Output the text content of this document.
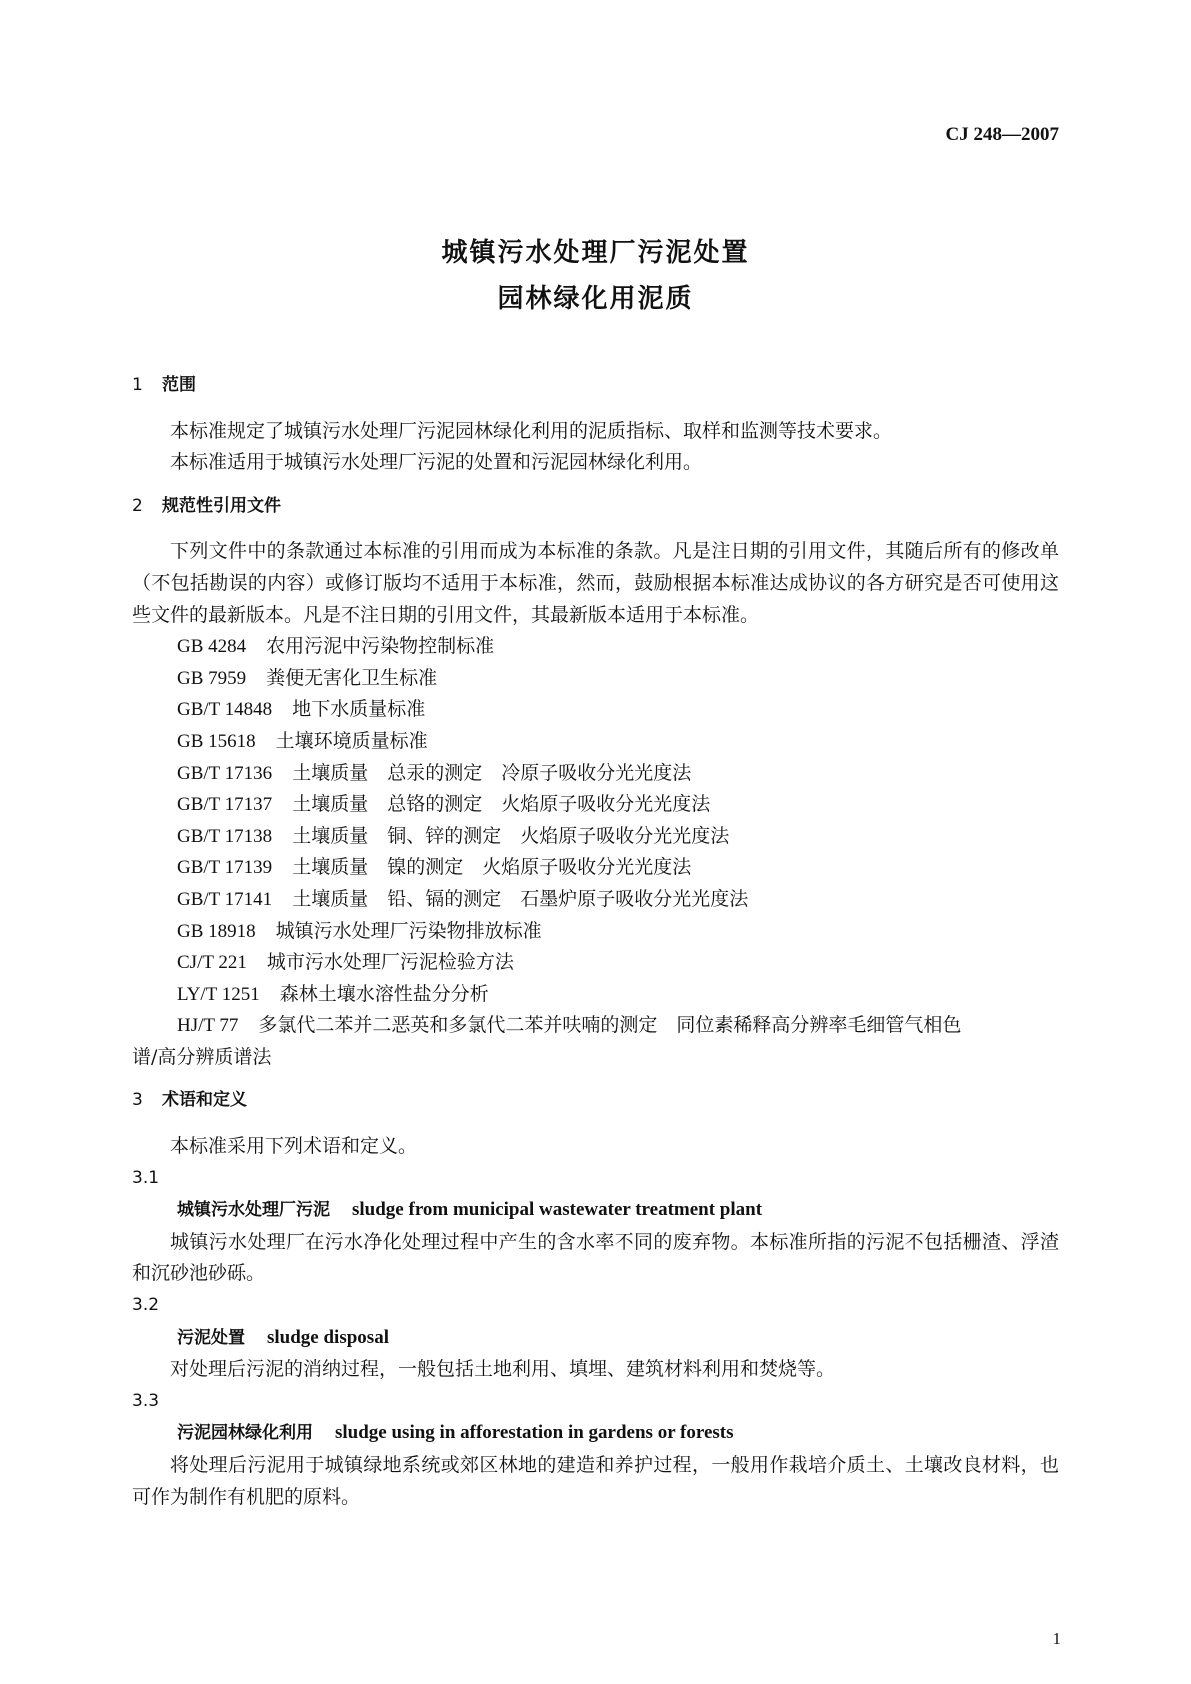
CJ 248—2007
城镇污水处理厂污泥处置
园林绿化用泥质

1 范围

本标准规定了城镇污水处理厂污泥园林绿化利用的泥质指标、取样和监测等技术要求。

本标准适用于城镇污水处理厂污泥的处置和污泥园林绿化利用。

2 规范性引用文件

下列文件中的条款通过本标准的引用而成为本标准的条款。凡是注日期的引用文件，其随后所有的修改单（不包括勘误的内容）或修订版均不适用于本标准，然而，鼓励根据本标准达成协议的各方研究是否可使用这些文件的最新版本。凡是不注日期的引用文件，其最新版本适用于本标准。

GB 4284 农用污泥中污染物控制标准

GB 7959 粪便无害化卫生标准

GB/T 14848 地下水质量标准

GB 15618 土壤环境质量标准

GB/T 17136 土壤质量　总汞的测定　冷原子吸收分光光度法

GB/T 17137 土壤质量　总铬的测定　火焰原子吸收分光光度法

GB/T 17138 土壤质量　铜、锌的测定　火焰原子吸收分光光度法

GB/T 17139 土壤质量　镍的测定　火焰原子吸收分光光度法

GB/T 17141 土壤质量　铅、镉的测定　石墨炉原子吸收分光光度法

GB 18918 城镇污水处理厂污染物排放标准

CJ/T 221 城市污水处理厂污泥检验方法

LY/T 1251 森林土壤水溶性盐分分析

HJ/T 77 多氯代二苯并二恶英和多氯代二苯并呋喃的测定　同位素稀释高分辨率毛细管气相色
谱/高分辨质谱法

3 术语和定义

本标准采用下列术语和定义。

3.1

城镇污水处理厂污泥 sludge from municipal wastewater treatment plant

城镇污水处理厂在污水净化处理过程中产生的含水率不同的废弃物。本标准所指的污泥不包括栅渣、浮渣和沉砂池砂砾。

3.2

污泥处置 sludge disposal

对处理后污泥的消纳过程，一般包括土地利用、填埋、建筑材料利用和焚烧等。

3.3

污泥园林绿化利用 sludge using in afforestation in gardens or forests

将处理后污泥用于城镇绿地系统或郊区林地的建造和养护过程，一般用作栽培介质土、土壤改良材料，也可作为制作有机肥的原料。

1
